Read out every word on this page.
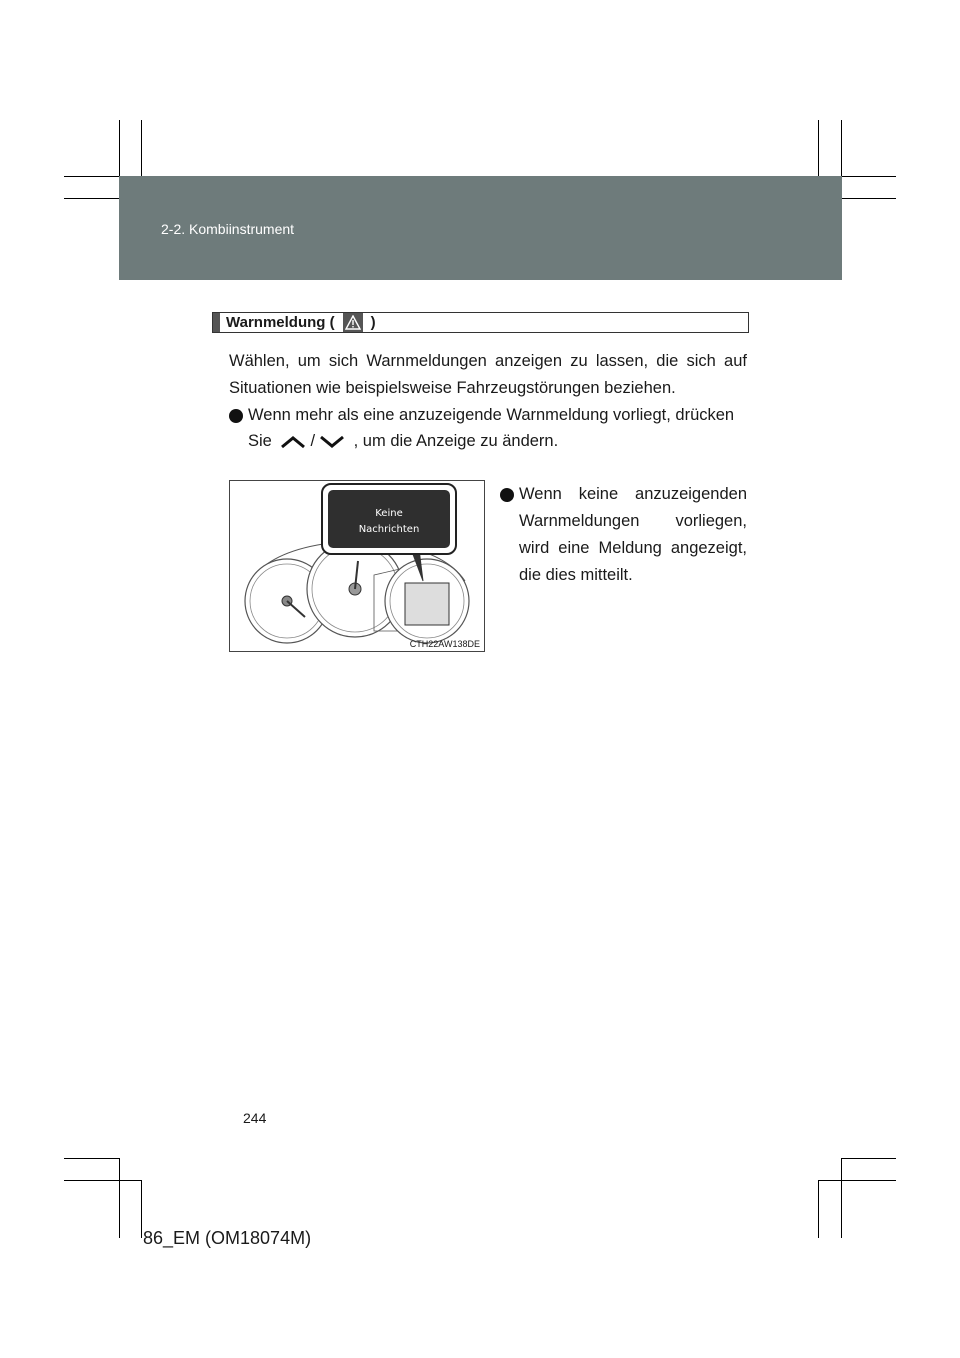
2-2. Kombiinstrument
Warnmeldung ( )
Wählen, um sich Warnmeldungen anzeigen zu lassen, die sich auf Situationen wie beispielsweise Fahrzeugstörungen beziehen.
Wenn mehr als eine anzuzeigende Warnmeldung vorliegt, drücken
Sie / , um die Anzeige zu ändern.
Keine
Nachrichten
CTH22AW138DE
Wenn keine anzuzeigenden
Warnmeldungen vorliegen,
wird eine Meldung angezeigt,
die dies mitteilt.
244
86_EM (OM18074M)
